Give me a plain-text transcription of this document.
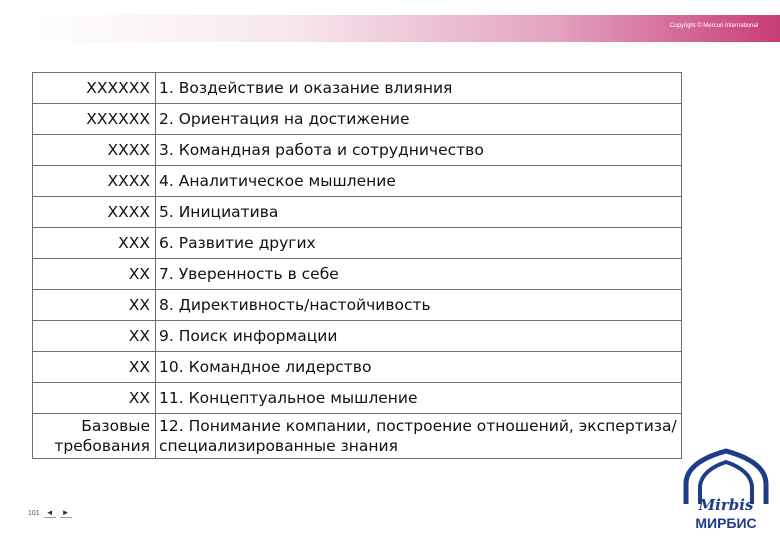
Copyright © Mercuri International
XXXXXX	1. Воздействие и оказание влияния
XXXXXX	2. Ориентация на достижение
XXXX	3. Командная работа и сотрудничество
XXXX	4. Аналитическое мышление
XXXX	5. Инициатива
XXX	6. Развитие других
XX	7. Уверенность в себе
XX	8. Директивность/настойчивость
XX	9. Поиск информации
XX	10. Командное лидерство
XX	11. Концептуальное мышление
Базовые требования	12. Понимание компании, построение отношений, экспертиза/специализированные знания
101 ◄ ►	Mirbis
МИРБИС
